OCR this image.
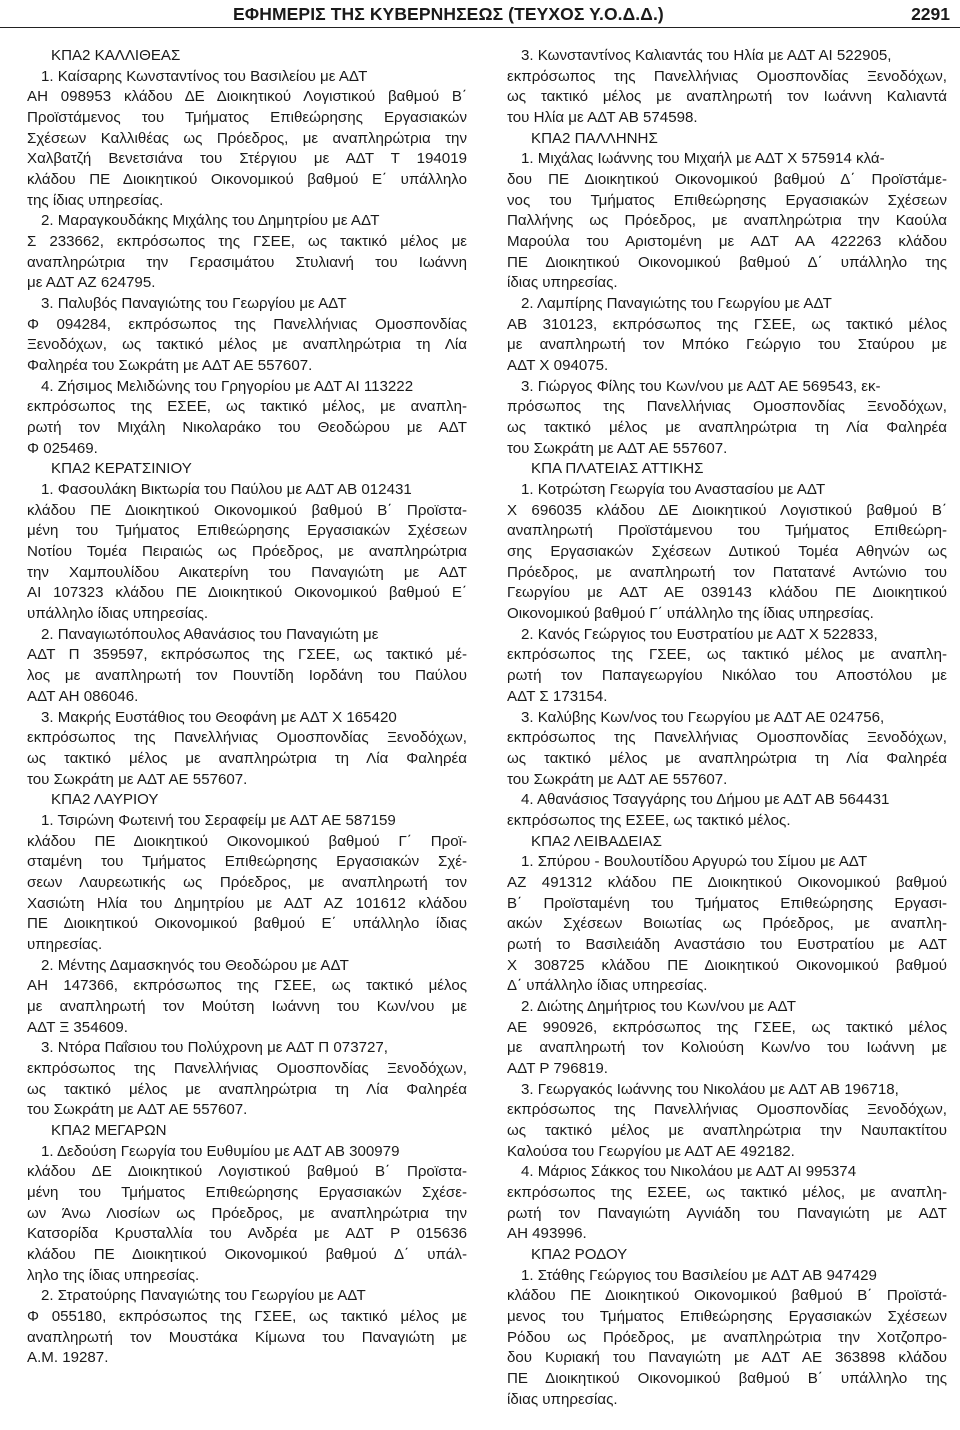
ΕΦΗΜΕΡΙΣ ΤΗΣ ΚΥΒΕΡΝΗΣΕΩΣ (ΤΕΥΧΟΣ Υ.Ο.Δ.Δ.)	2291
ΚΠΑ2 ΚΑΛΛΙΘΕΑΣ
1. Καίσαρης Κωνσταντίνος του Βασιλείου με ΑΔΤ
ΑΗ 098953 κλάδου ΔΕ Διοικητικού Λογιστικού βαθμού Β΄
Προϊστάμενος του Τμήματος Επιθεώρησης Εργασιακών
Σχέσεων Καλλιθέας ως Πρόεδρος, με αναπληρώτρια την
Χαλβατζή Βενετσιάνα του Στέργιου με ΑΔΤ Τ 194019
κλάδου ΠΕ Διοικητικού Οικονομικού βαθμού Ε΄ υπάλληλο
της ίδιας υπηρεσίας.
2. Μαραγκουδάκης Μιχάλης του Δημητρίου με ΑΔΤ
Σ 233662, εκπρόσωπος της ΓΣΕΕ, ως τακτικό μέλος με
αναπληρώτρια την Γερασιμάτου Στυλιανή του Ιωάννη
με ΑΔΤ ΑΖ 624795.
3. Παλυβός Παναγιώτης του Γεωργίου με ΑΔΤ
Φ 094284, εκπρόσωπος της Πανελλήνιας Ομοσπονδίας
Ξενοδόχων, ως τακτικό μέλος με αναπληρώτρια τη Λία
Φαληρέα του Σωκράτη με ΑΔΤ ΑΕ 557607.
4. Ζήσιμος Μελιδώνης του Γρηγορίου με ΑΔΤ ΑΙ 113222
εκπρόσωπος της ΕΣΕΕ, ως τακτικό μέλος, με αναπλη-
ρωτή τον Μιχάλη Νικολαράκο του Θεοδώρου με ΑΔΤ
Φ 025469.
ΚΠΑ2 ΚΕΡΑΤΣΙΝΙΟΥ
1. Φασουλάκη Βικτωρία του Παύλου με ΑΔΤ ΑΒ 012431
κλάδου ΠΕ Διοικητικού Οικονομικού βαθμού Β΄ Προϊστα-
μένη του Τμήματος Επιθεώρησης Εργασιακών Σχέσεων
Νοτίου Τομέα Πειραιώς ως Πρόεδρος, με αναπληρώτρια
την Χαμπουλίδου Αικατερίνη του Παναγιώτη με ΑΔΤ
ΑΙ 107323 κλάδου ΠΕ Διοικητικού Οικονομικού βαθμού Ε΄
υπάλληλο ίδιας υπηρεσίας.
2. Παναγιωτόπουλος Αθανάσιος του Παναγιώτη με
ΑΔΤ Π 359597, εκπρόσωπος της ΓΣΕΕ, ως τακτικό μέ-
λος με αναπληρωτή τον Πουντίδη Ιορδάνη του Παύλου
ΑΔΤ ΑΗ 086046.
3. Μακρής Ευστάθιος του Θεοφάνη με ΑΔΤ Χ 165420
εκπρόσωπος της Πανελλήνιας Ομοσπονδίας Ξενοδόχων,
ως τακτικό μέλος με αναπληρώτρια τη Λία Φαληρέα
του Σωκράτη με ΑΔΤ ΑΕ 557607.
ΚΠΑ2 ΛΑΥΡΙΟΥ
1. Τσιρώνη Φωτεινή του Σεραφείμ με ΑΔΤ ΑΕ 587159
κλάδου ΠΕ Διοικητικού Οικονομικού βαθμού Γ΄ Προϊ-
σταμένη του Τμήματος Επιθεώρησης Εργασιακών Σχέ-
σεων Λαυρεωτικής ως Πρόεδρος, με αναπληρωτή τον
Χασιώτη Ηλία του Δημητρίου με ΑΔΤ ΑΖ 101612 κλάδου
ΠΕ Διοικητικού Οικονομικού βαθμού Ε΄ υπάλληλο ίδιας
υπηρεσίας.
2. Μέντης Δαμασκηνός του Θεοδώρου με ΑΔΤ
ΑΗ 147366, εκπρόσωπος της ΓΣΕΕ, ως τακτικό μέλος
με αναπληρωτή τον Μούτση Ιωάννη του Κων/νου με
ΑΔΤ Ξ 354609.
3. Ντόρα Παΐσιου του Πολύχρονη με ΑΔΤ Π 073727,
εκπρόσωπος της Πανελλήνιας Ομοσπονδίας Ξενοδόχων,
ως τακτικό μέλος με αναπληρώτρια τη Λία Φαληρέα
του Σωκράτη με ΑΔΤ ΑΕ 557607.
ΚΠΑ2 ΜΕΓΑΡΩΝ
1. Δεδούση Γεωργία του Ευθυμίου με ΑΔΤ ΑΒ 300979
κλάδου ΔΕ Διοικητικού Λογιστικού βαθμού Β΄ Προϊστα-
μένη του Τμήματος Επιθεώρησης Εργασιακών Σχέσε-
ων Άνω Λιοσίων ως Πρόεδρος, με αναπληρώτρια την
Κατσορίδα Κρυσταλλία του Ανδρέα με ΑΔΤ Ρ 015636
κλάδου ΠΕ Διοικητικού Οικονομικού βαθμού Δ΄ υπάλ-
ληλο της ίδιας υπηρεσίας.
2. Στρατούρης Παναγιώτης του Γεωργίου με ΑΔΤ
Φ 055180, εκπρόσωπος της ΓΣΕΕ, ως τακτικό μέλος με
αναπληρωτή τον Μουστάκα Κίμωνα του Παναγιώτη με
Α.Μ. 19287.
3. Κωνσταντίνος Καλιαντάς του Ηλία με ΑΔΤ ΑΙ 522905,
εκπρόσωπος της Πανελλήνιας Ομοσπονδίας Ξενοδόχων,
ως τακτικό μέλος με αναπληρωτή τον Ιωάννη Καλιαντά
του Ηλία με ΑΔΤ ΑΒ 574598.
ΚΠΑ2 ΠΑΛΛΗΝΗΣ
1. Μιχάλας Ιωάννης του Μιχαήλ με ΑΔΤ Χ 575914 κλά-
δου ΠΕ Διοικητικού Οικονομικού βαθμού Δ΄ Προϊστάμε-
νος του Τμήματος Επιθεώρησης Εργασιακών Σχέσεων
Παλλήνης ως Πρόεδρος, με αναπληρώτρια την Καούλα
Μαρούλα του Αριστομένη με ΑΔΤ ΑΑ 422263 κλάδου
ΠΕ Διοικητικού Οικονομικού βαθμού Δ΄ υπάλληλο της
ίδιας υπηρεσίας.
2. Λαμπίρης Παναγιώτης του Γεωργίου με ΑΔΤ
ΑΒ 310123, εκπρόσωπος της ΓΣΕΕ, ως τακτικό μέλος
με αναπληρωτή τον Μπόκο Γεώργιο του Σταύρου με
ΑΔΤ Χ 094075.
3. Γιώργος Φίλης του Κων/νου με ΑΔΤ ΑΕ 569543, εκ-
πρόσωπος της Πανελλήνιας Ομοσπονδίας Ξενοδόχων,
ως τακτικό μέλος με αναπληρώτρια τη Λία Φαληρέα
του Σωκράτη με ΑΔΤ ΑΕ 557607.
ΚΠΑ ΠΛΑΤΕΙΑΣ ΑΤΤΙΚΗΣ
1. Κοτρώτση Γεωργία του Αναστασίου με ΑΔΤ
Χ 696035 κλάδου ΔΕ Διοικητικού Λογιστικού βαθμού Β΄
αναπληρωτή Προϊστάμενου του Τμήματος Επιθεώρη-
σης Εργασιακών Σχέσεων Δυτικού Τομέα Αθηνών ως
Πρόεδρος, με αναπληρωτή τον Πατατανέ Αντώνιο του
Γεωργίου με ΑΔΤ ΑΕ 039143 κλάδου ΠΕ Διοικητικού
Οικονομικού βαθμού Γ΄ υπάλληλο της ίδιας υπηρεσίας.
2. Κανός Γεώργιος του Ευστρατίου με ΑΔΤ Χ 522833,
εκπρόσωπος της ΓΣΕΕ, ως τακτικό μέλος με αναπλη-
ρωτή τον Παπαγεωργίου Νικόλαο του Αποστόλου με
ΑΔΤ Σ 173154.
3. Καλύβης Κων/νος του Γεωργίου με ΑΔΤ ΑΕ 024756,
εκπρόσωπος της Πανελλήνιας Ομοσπονδίας Ξενοδόχων,
ως τακτικό μέλος με αναπληρώτρια τη Λία Φαληρέα
του Σωκράτη με ΑΔΤ ΑΕ 557607.
4. Αθανάσιος Τσαγγάρης του Δήμου με ΑΔΤ ΑΒ 564431
εκπρόσωπος της ΕΣΕΕ, ως τακτικό μέλος.
ΚΠΑ2 ΛΕΙΒΑΔΕΙΑΣ
1. Σπύρου - Βουλουτίδου Αργυρώ του Σίμου με ΑΔΤ
ΑΖ 491312 κλάδου ΠΕ Διοικητικού Οικονομικού βαθμού
Β΄ Προϊσταμένη του Τμήματος Επιθεώρησης Εργασι-
ακών Σχέσεων Βοιωτίας ως Πρόεδρος, με αναπλη-
ρωτή το Βασιλειάδη Αναστάσιο του Ευστρατίου με ΑΔΤ
Χ 308725 κλάδου ΠΕ Διοικητικού Οικονομικού βαθμού
Δ΄ υπάλληλο ίδιας υπηρεσίας.
2. Διώτης Δημήτριος του Κων/νου με ΑΔΤ
ΑΕ 990926, εκπρόσωπος της ΓΣΕΕ, ως τακτικό μέλος
με αναπληρωτή τον Κολιούση Κων/νο του Ιωάννη με
ΑΔΤ Ρ 796819.
3. Γεωργακός Ιωάννης του Νικολάου με ΑΔΤ ΑΒ 196718,
εκπρόσωπος της Πανελλήνιας Ομοσπονδίας Ξενοδόχων,
ως τακτικό μέλος με αναπληρώτρια την Ναυπακτίτου
Καλούσα του Γεωργίου με ΑΔΤ ΑΕ 492182.
4. Μάριος Σάκκος του Νικολάου με ΑΔΤ ΑΙ 995374
εκπρόσωπος της ΕΣΕΕ, ως τακτικό μέλος, με αναπλη-
ρωτή τον Παναγιώτη Αγνιάδη του Παναγιώτη με ΑΔΤ
ΑΗ 493996.
ΚΠΑ2 ΡΟΔΟΥ
1. Στάθης Γεώργιος του Βασιλείου με ΑΔΤ ΑΒ 947429
κλάδου ΠΕ Διοικητικού Οικονομικού βαθμού Β΄ Προϊστά-
μενος του Τμήματος Επιθεώρησης Εργασιακών Σχέσεων
Ρόδου ως Πρόεδρος, με αναπληρώτρια την Χοτζοπρο-
δου Κυριακή του Παναγιώτη με ΑΔΤ ΑΕ 363898 κλάδου
ΠΕ Διοικητικού Οικονομικού βαθμού Β΄ υπάλληλο της
ίδιας υπηρεσίας.
